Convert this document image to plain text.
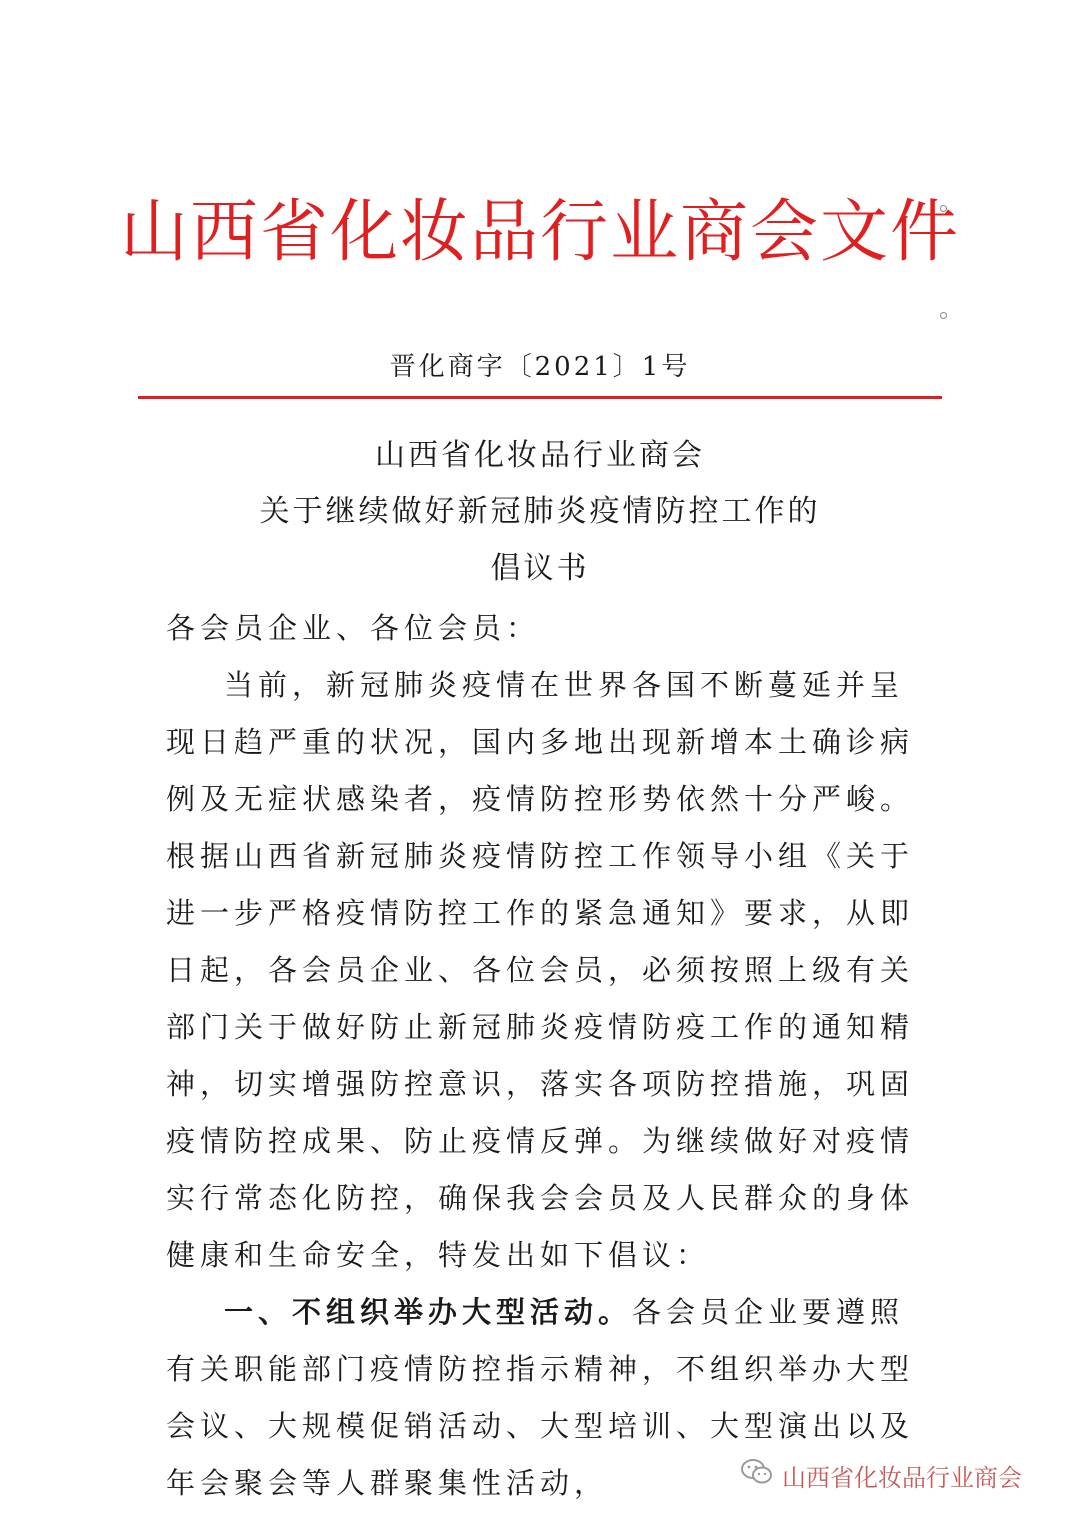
山西省化妆品行业商会文件
晋化商字〔2021〕1号
山西省化妆品行业商会
关于继续做好新冠肺炎疫情防控工作的
倡议书

各会员企业、各位会员：

当前，新冠肺炎疫情在世界各国不断蔓延并呈现日趋严重的状况，国内多地出现新增本土确诊病例及无症状感染者，疫情防控形势依然十分严峻。根据山西省新冠肺炎疫情防控工作领导小组《关于进一步严格疫情防控工作的紧急通知》要求，从即日起，各会员企业、各位会员，必须按照上级有关部门关于做好防止新冠肺炎疫情防疫工作的通知精神，切实增强防控意识，落实各项防控措施，巩固疫情防控成果、防止疫情反弹。为继续做好对疫情实行常态化防控，确保我会会员及人民群众的身体健康和生命安全，特发出如下倡议：

一、不组织举办大型活动。各会员企业要遵照有关职能部门疫情防控指示精神，不组织举办大型会议、大规模促销活动、大型培训、大型演出以及年会聚会等人群聚集性活动，	山西省化妆品行业商会
